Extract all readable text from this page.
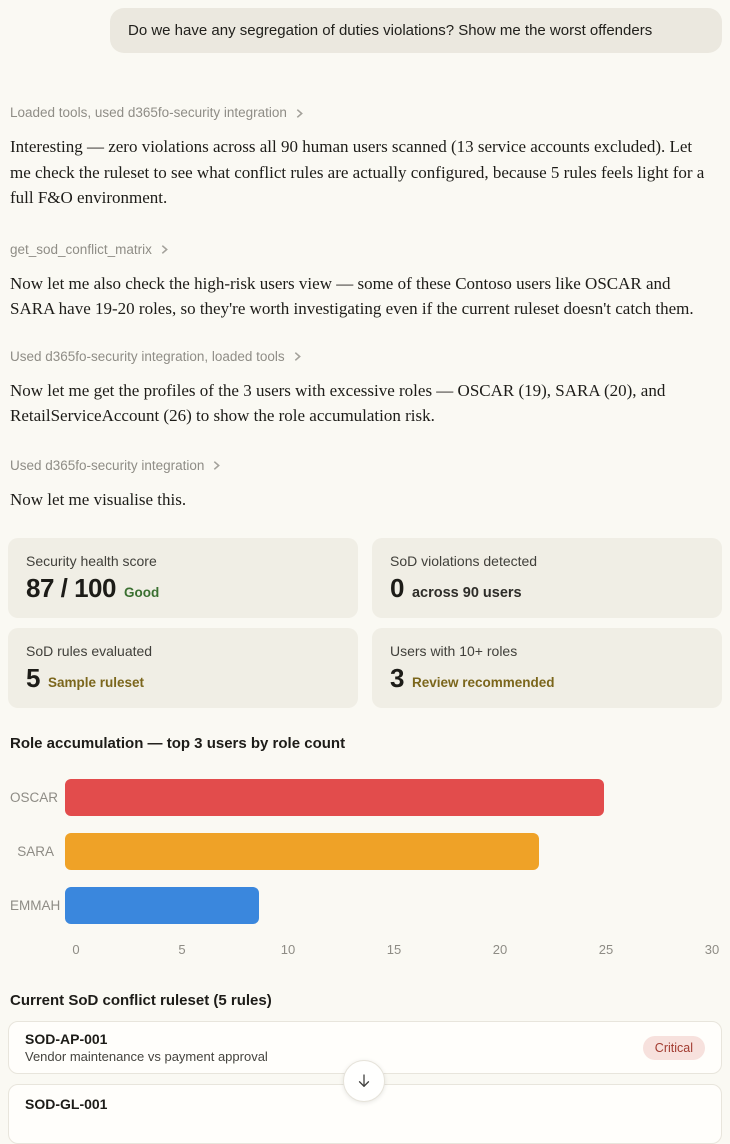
Do we have any segregation of duties violations? Show me the worst offenders
Loaded tools, used d365fo-security integration

Interesting — zero violations across all 90 human users scanned (13 service accounts excluded). Let me check the ruleset to see what conflict rules are actually configured, because 5 rules feels light for a full F&O environment.

get_sod_conflict_matrix

Now let me also check the high-risk users view — some of these Contoso users like OSCAR and SARA have 19-20 roles, so they're worth investigating even if the current ruleset doesn't catch them.

Used d365fo-security integration, loaded tools

Now let me get the profiles of the 3 users with excessive roles — OSCAR (19), SARA (20), and RetailServiceAccount (26) to show the role accumulation risk.

Used d365fo-security integration

Now let me visualise this.

Security health score
87 / 100 Good
SoD violations detected
0 across 90 users
SoD rules evaluated
5 Sample ruleset
Users with 10+ roles
3 Review recommended
Role accumulation — top 3 users by role count
OSCAR
SARA
EMMAH
0	5	10	15	20	25	30
Current SoD conflict ruleset (5 rules)
SOD-AP-001
Vendor maintenance vs payment approval
Critical
SOD-GL-001
